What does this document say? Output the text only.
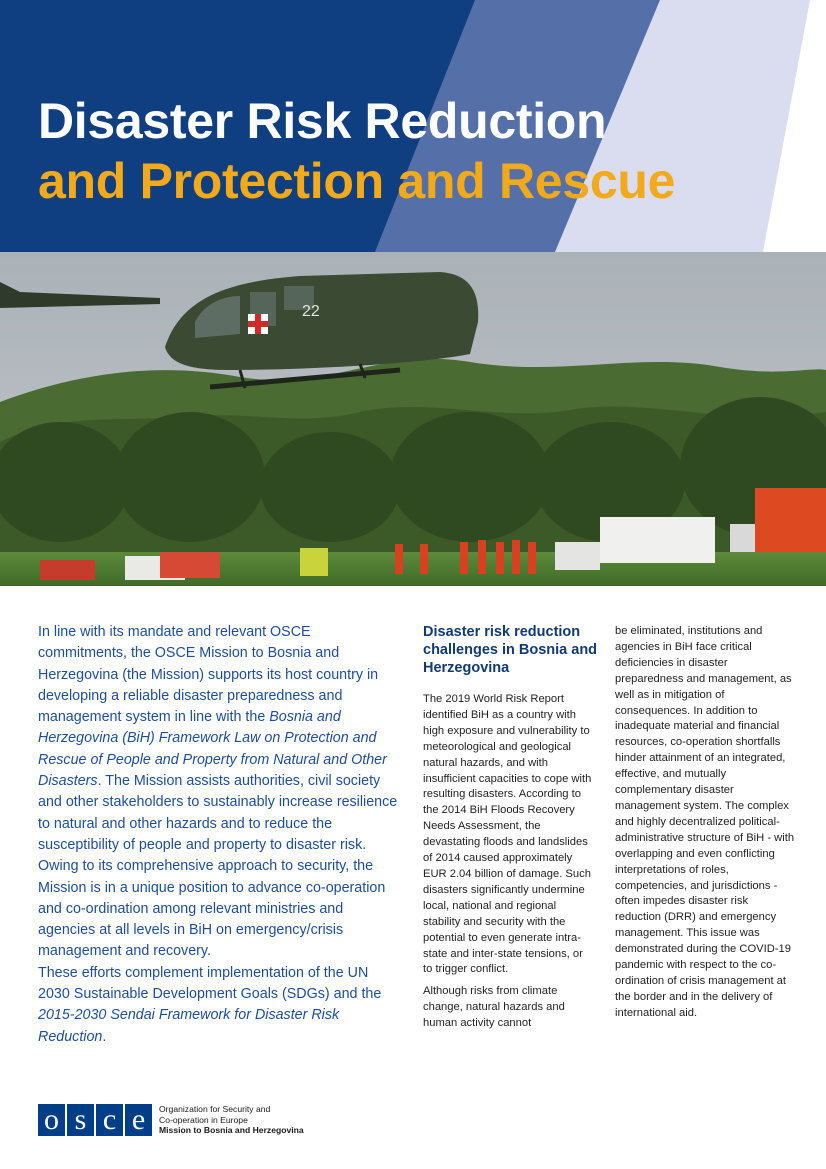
Disaster Risk Reduction
and Protection and Rescue
22

In line with its mandate and relevant OSCE commitments, the OSCE Mission to Bosnia and Herzegovina (the Mission) supports its host country in developing a reliable disaster preparedness and management system in line with the Bosnia and Herzegovina (BiH) Framework Law on Protection and Rescue of People and Property from Natural and Other Disasters. The Mission assists authorities, civil society and other stakeholders to sustainably increase resilience to natural and other hazards and to reduce the susceptibility of people and property to disaster risk. Owing to its comprehensive approach to security, the Mission is in a unique position to advance co-operation and co-ordination among relevant ministries and agencies at all levels in BiH on emergency/crisis management and recovery.
These efforts complement implementation of the UN 2030 Sustainable Development Goals (SDGs) and the 2015-2030 Sendai Framework for Disaster Risk Reduction.

Disaster risk reduction challenges in Bosnia and Herzegovina

The 2019 World Risk Report identified BiH as a country with high exposure and vulnerability to meteorological and geological natural hazards, and with insufficient capacities to cope with resulting disasters. According to the 2014 BiH Floods Recovery Needs Assessment, the devastating floods and landslides of 2014 caused approximately EUR 2.04 billion of damage. Such disasters significantly undermine local, national and regional stability and security with the potential to even generate intra-state and inter-state tensions, or to trigger conflict.

Although risks from climate change, natural hazards and human activity cannot

be eliminated, institutions and agencies in BiH face critical deficiencies in disaster preparedness and management, as well as in mitigation of consequences. In addition to inadequate material and financial resources, co-operation shortfalls hinder attainment of an integrated, effective, and mutually complementary disaster management system. The complex and highly decentralized political-administrative structure of BiH - with overlapping and even conflicting interpretations of roles, competencies, and jurisdictions - often impedes disaster risk reduction (DRR) and emergency management. This issue was demonstrated during the COVID-19 pandemic with respect to the co-ordination of crisis management at the border and in the delivery of international aid.

o s c e	Organization for Security and
Co-operation in Europe
Mission to Bosnia and Herzegovina
